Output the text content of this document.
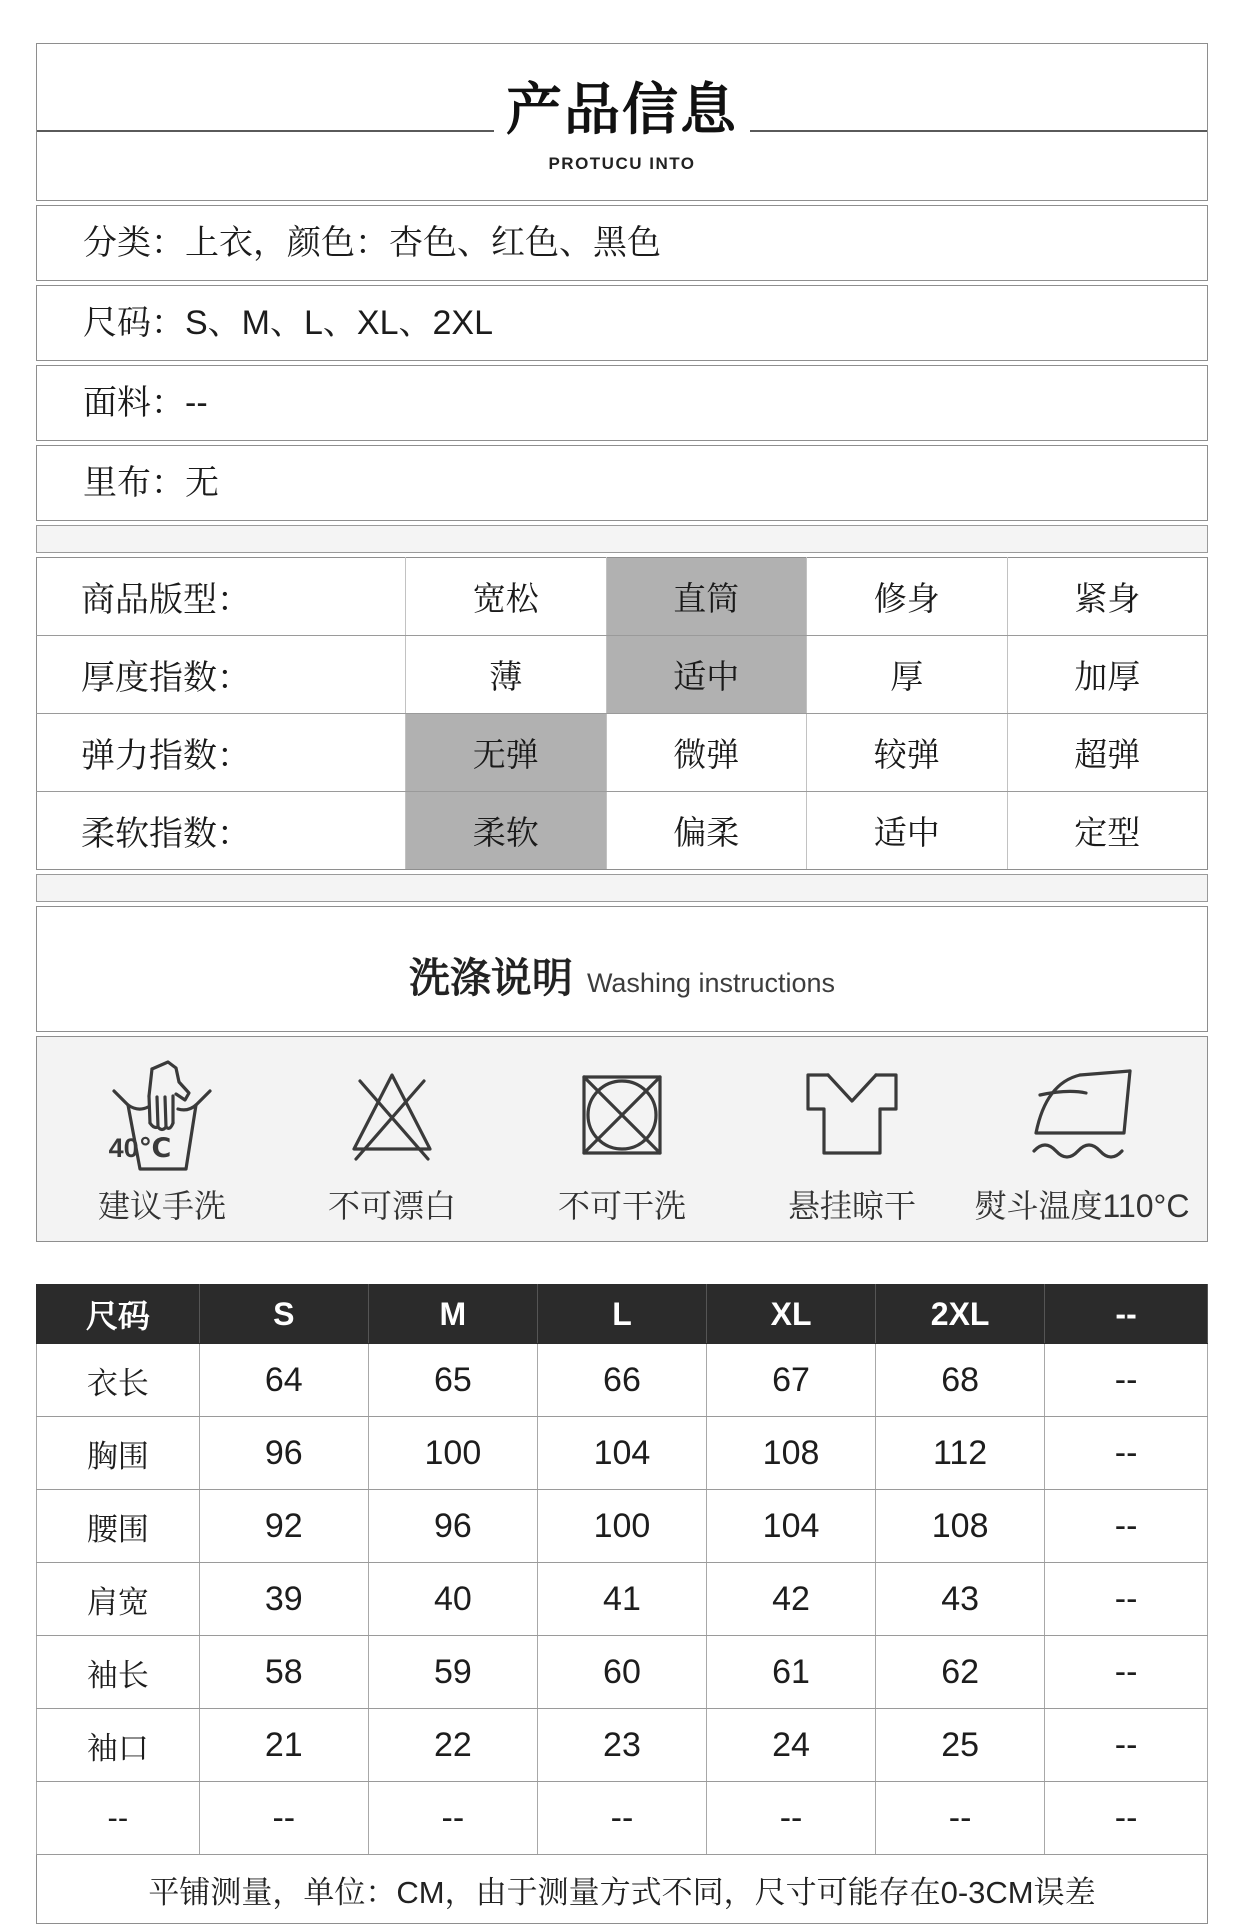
产品信息
PROTUCU INTO
分类：上衣，颜色：杏色、红色、黑色
尺码：S、M、L、XL、2XL
面料：--
里布：无
商品版型：	宽松	直筒	修身	紧身
厚度指数：	薄	适中	厚	加厚
弹力指数：	无弹	微弹	较弹	超弹
柔软指数：	柔软	偏柔	适中	定型
洗涤说明 Washing instructions
40℃
建议手洗	不可漂白	不可干洗	悬挂晾干 熨斗温度110°C
尺码	S	M	L	XL	2XL	--
衣长	64	65	66	67	68	--
胸围	96	100	104	108	112	--
腰围	92	96	100	104	108	--
肩宽	39	40	41	42	43	--
袖长	58	59	60	61	62	--
袖口	21	22	23	24	25	--
--	--	--	--	--	--	--
平铺测量，单位：CM，由于测量方式不同，尺寸可能存在0-3CM误差						
